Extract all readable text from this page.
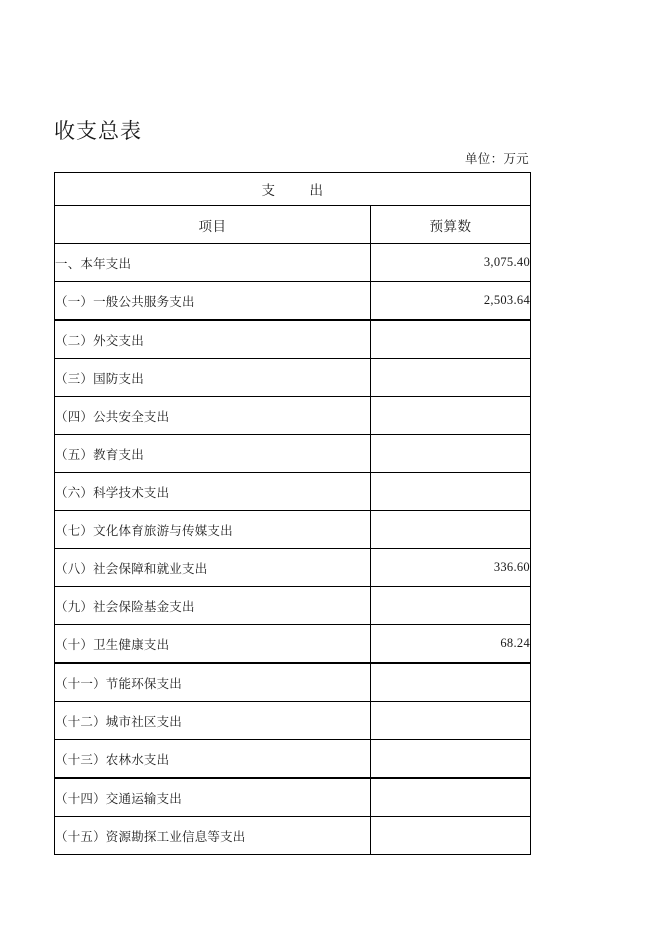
收支总表
单位：万元
支 出	
项目	预算数
一、本年支出	3,075.40
（一）一般公共服务支出	2,503.64
（二）外交支出	
（三）国防支出	
（四）公共安全支出	
（五）教育支出	
（六）科学技术支出	
（七）文化体育旅游与传媒支出	
（八）社会保障和就业支出	336.60
（九）社会保险基金支出	
（十）卫生健康支出	68.24
（十一）节能环保支出	
（十二）城市社区支出	
（十三）农林水支出	
（十四）交通运输支出	
（十五）资源勘探工业信息等支出	
